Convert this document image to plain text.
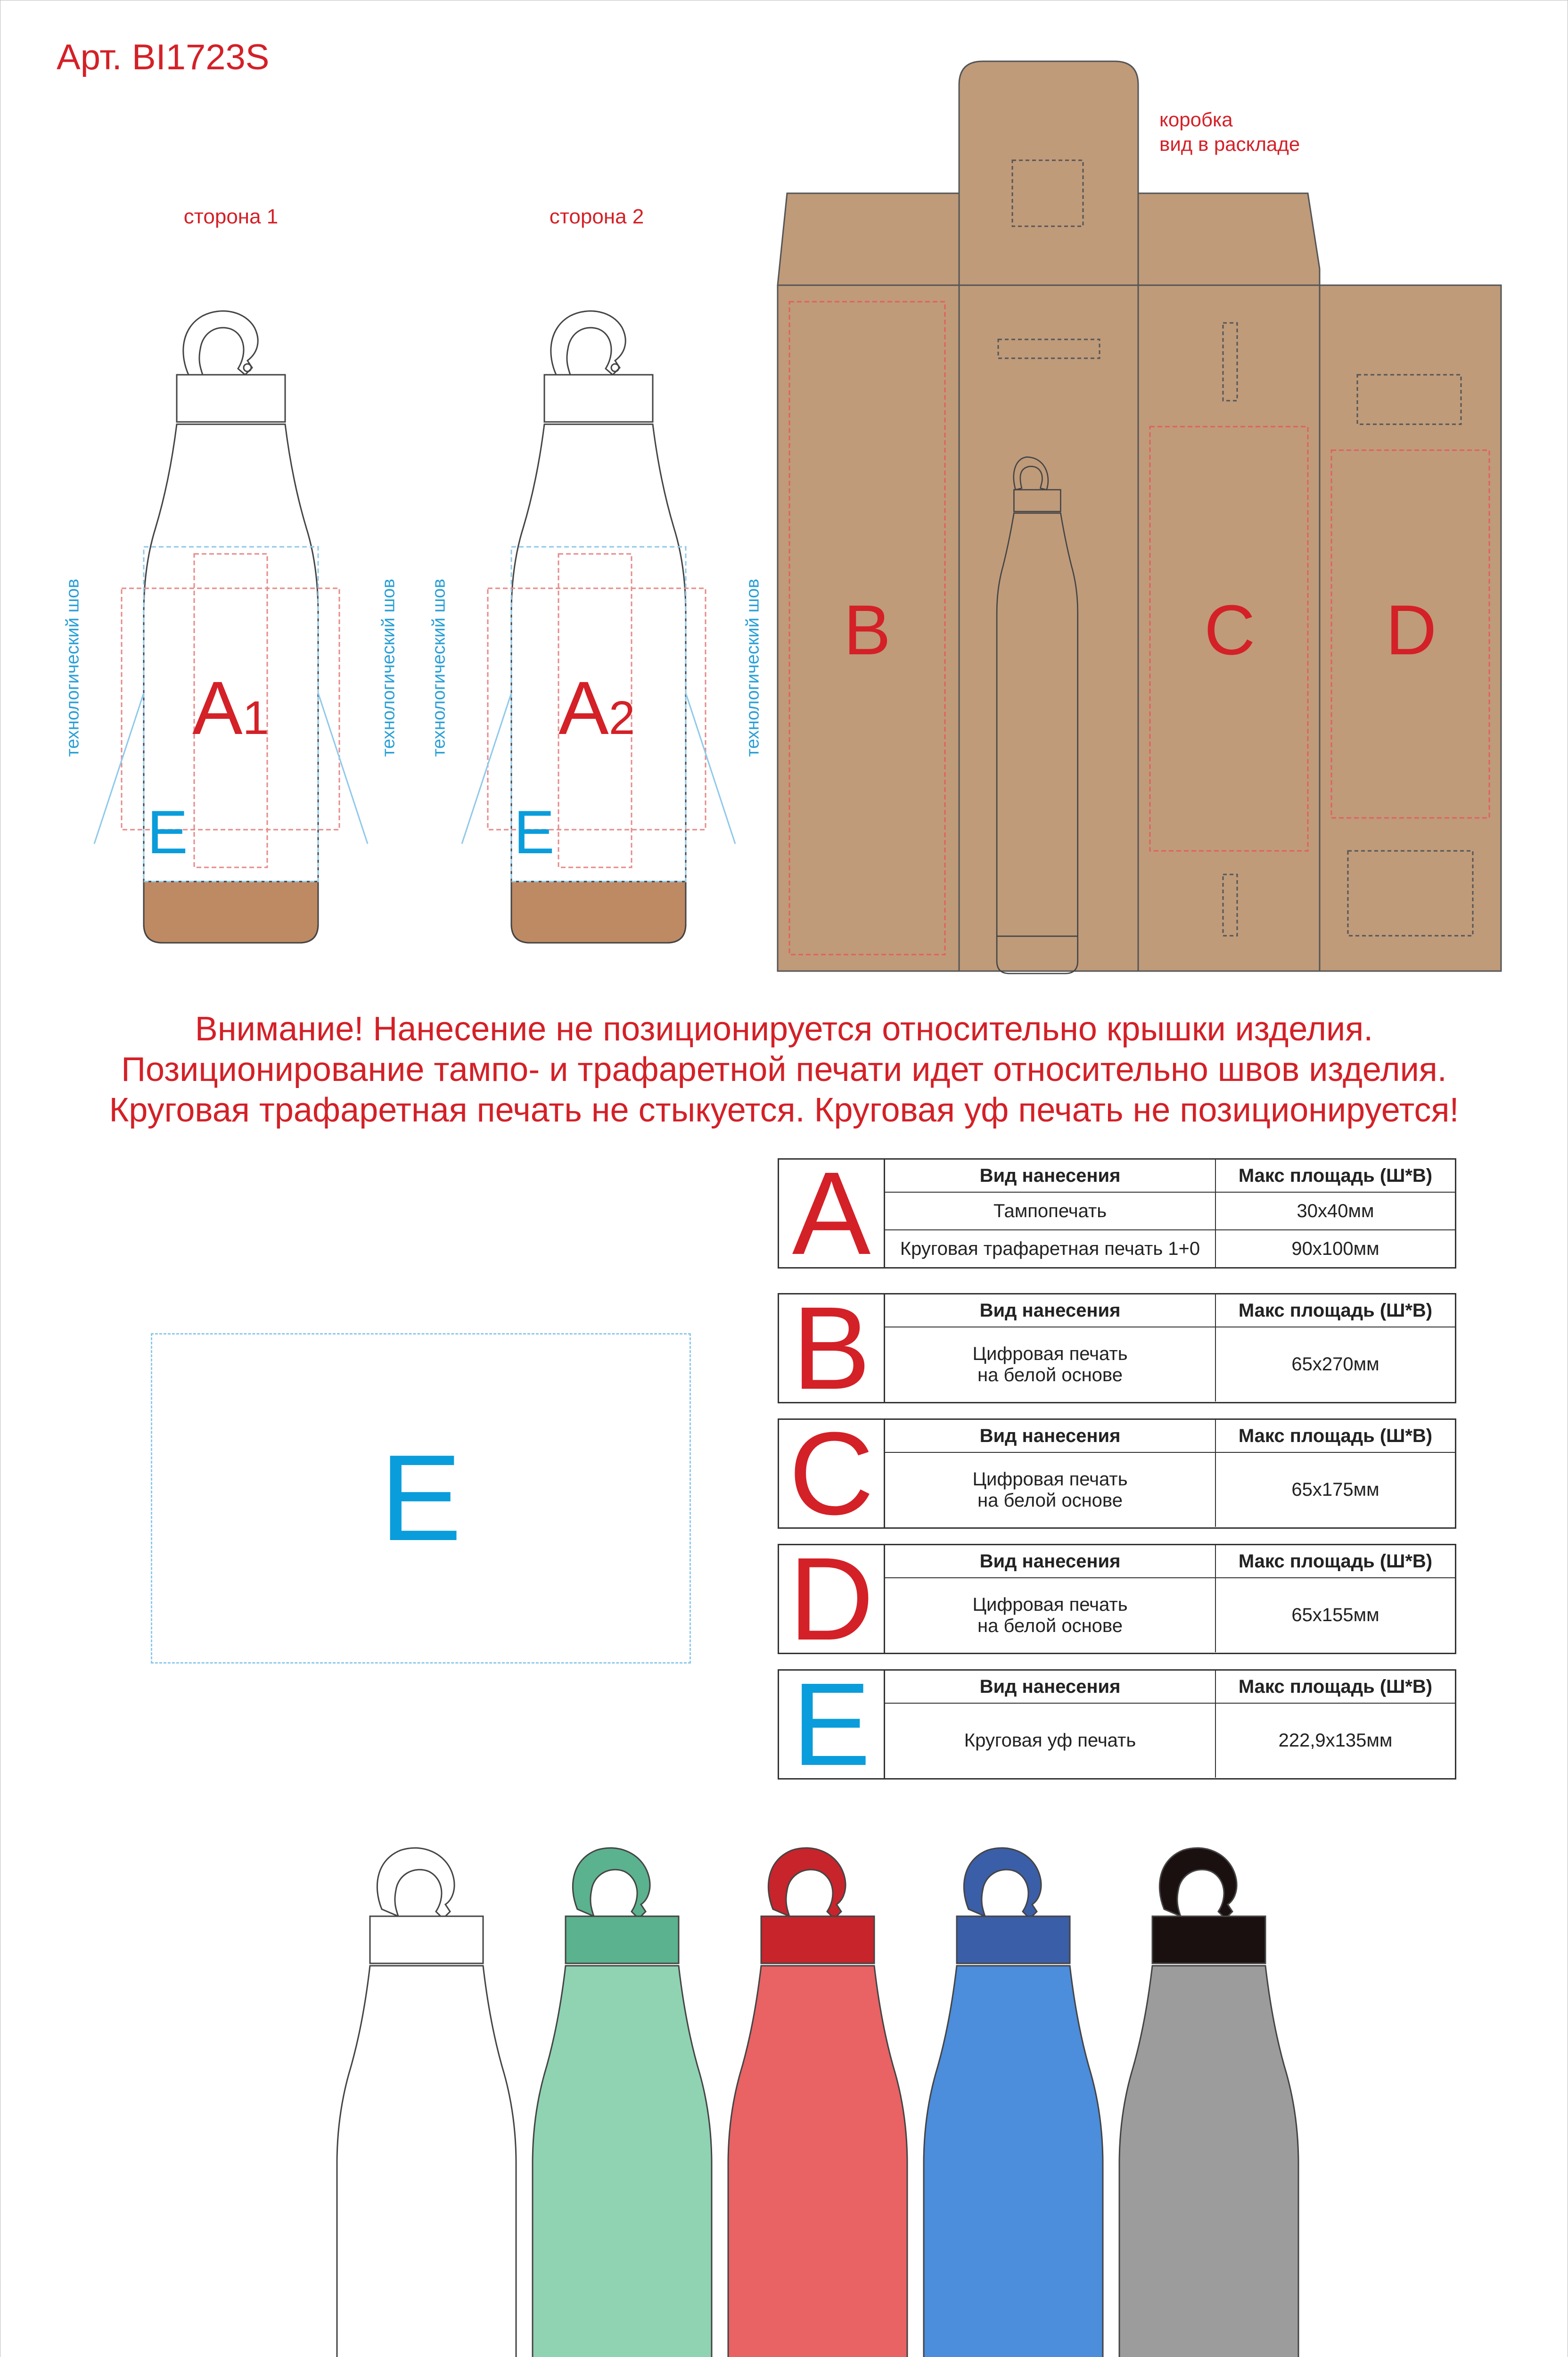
Арт. BI1723S
сторона 1	сторона 2
коробка
вид в раскладе
A1	A2
E	E
B	C D
технологический шов	технологический шов технологический шов	технологический шов
Внимание! Нанесение не позиционируется относительно крышки изделия.
Позиционирование тампо- и трафаретной печати идет относительно швов изделия.
Круговая трафаретная печать не стыкуется. Круговая уф печать не позиционируется!
E
A	Вид нанесения	Макс площадь (Ш*В)
Тампопечать	30x40мм
Круговая трафаретная печать 1+0	90x100мм
B	Вид нанесения	Макс площадь (Ш*В)
Цифровая печать
на белой основе
65x270мм
C	Вид нанесения	Макс площадь (Ш*В)
Цифровая печать
на белой основе
65x175мм
D	Вид нанесения	Макс площадь (Ш*В)
Цифровая печать
на белой основе
65x155мм
E	Вид нанесения	Макс площадь (Ш*В)
Круговая уф печать	222,9x135мм
